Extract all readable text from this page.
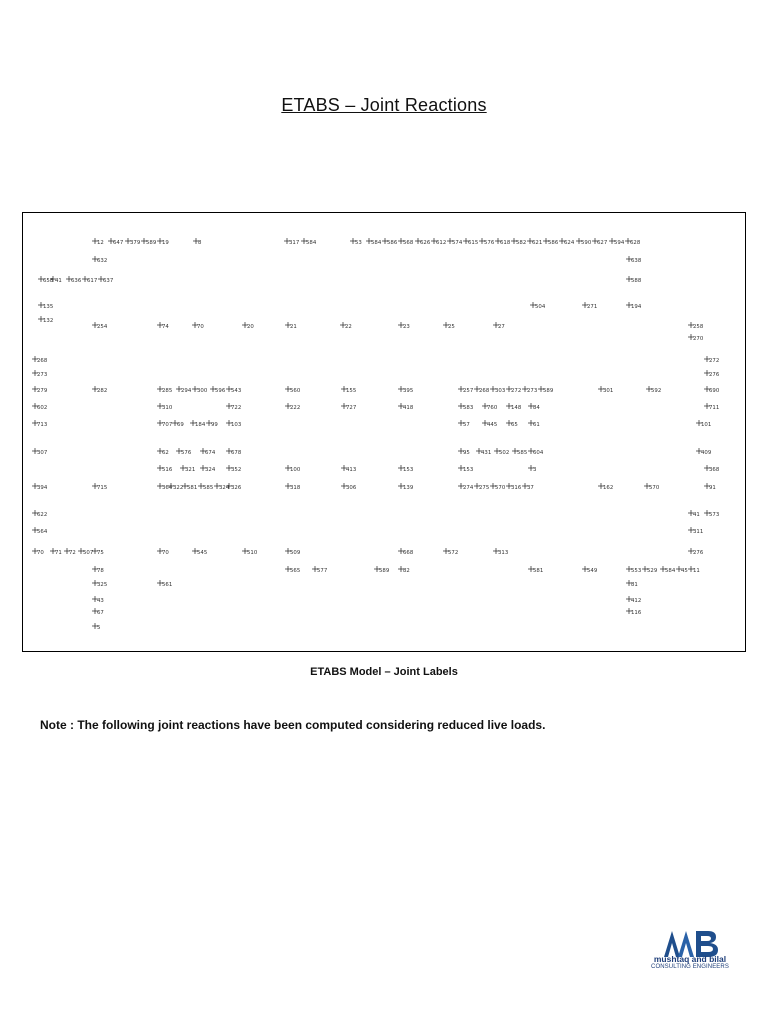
ETABS – Joint Reactions
12 647 379 589 19	8	317 584	53 584 586 568 626 612 574 615 576 618 582 621 586 624 590 627 594 628
632	638
658 41 636 617 637	588
135	194
504	271
132
254	74	70	20	21	22	23	25	27	258
270
268	272
273	276
279	282	285 294 300 596 543	560	155	395	257 268 303 272 273 589	301	592	690
602	310	722	222	727	418	583	760	148 84	711
713	707 69 184 99 103	57	445	65	61	101
307	62 576	674	678	95 431 502 585 604	409
516 321 324	352	100	413	153	153	3	368
394	715	364 322 581 585 324 326	318	306	139	274 275 570 316 37	162	570	91
622	41 573
564	311
70 71 72 507 75	70	545	510	509	668	572	313	276
78	565	577	589	82	581	549	553 529 584 45 11
325	561	81
43	412
67	116
5
ETABS Model – Joint Labels
Note : The following joint reactions have been computed considering reduced live loads.
mushtaq and bilal
CONSULTING ENGINEERS
